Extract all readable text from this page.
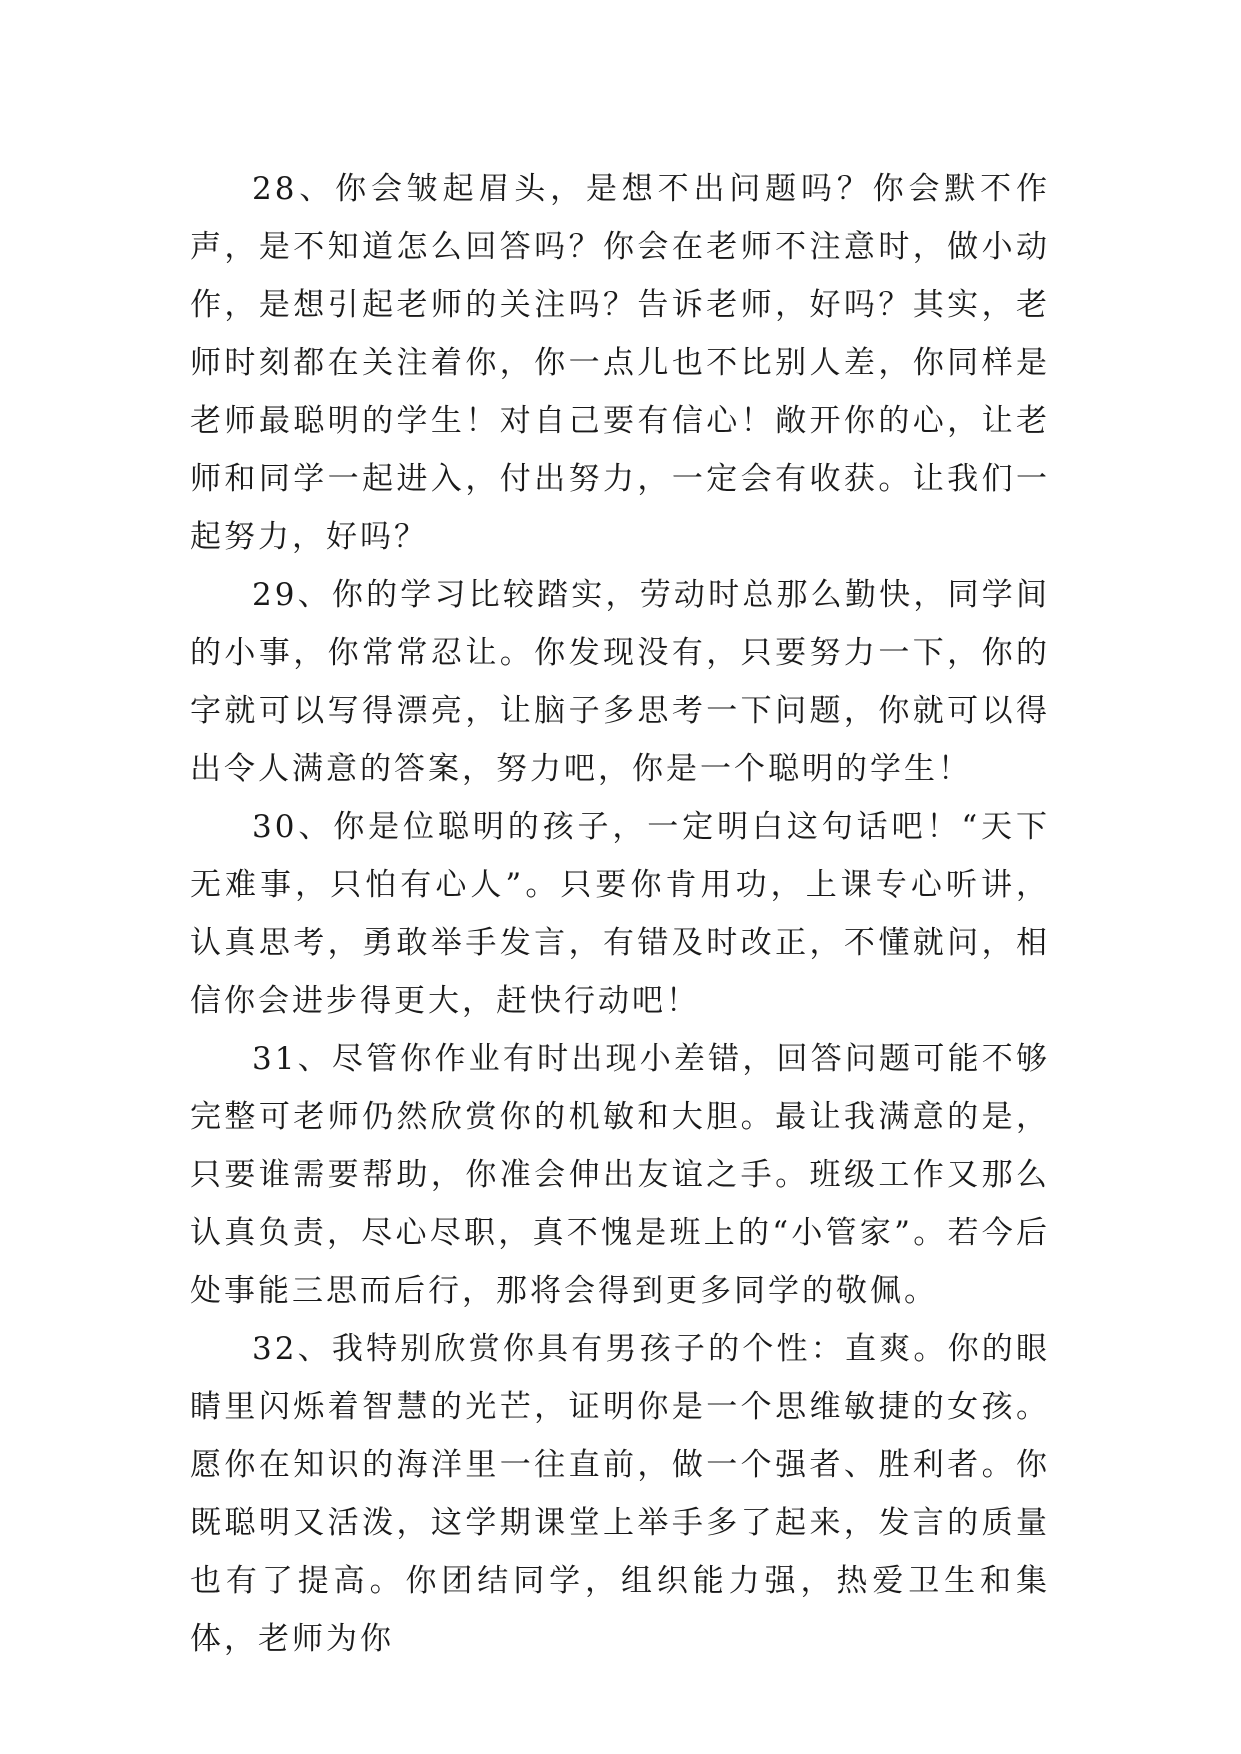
28、你会皱起眉头，是想不出问题吗？你会默不作声，是不知道怎么回答吗？你会在老师不注意时，做小动作，是想引起老师的关注吗？告诉老师，好吗？其实，老师时刻都在关注着你，你一点儿也不比别人差，你同样是老师最聪明的学生！对自己要有信心！敞开你的心，让老师和同学一起进入，付出努力，一定会有收获。让我们一起努力，好吗？

29、你的学习比较踏实，劳动时总那么勤快，同学间的小事，你常常忍让。你发现没有，只要努力一下，你的字就可以写得漂亮，让脑子多思考一下问题，你就可以得出令人满意的答案，努力吧，你是一个聪明的学生！

30、你是位聪明的孩子，一定明白这句话吧！“天下无难事，只怕有心人”。只要你肯用功，上课专心听讲，认真思考，勇敢举手发言，有错及时改正，不懂就问，相信你会进步得更大，赶快行动吧！

31、尽管你作业有时出现小差错，回答问题可能不够完整可老师仍然欣赏你的机敏和大胆。最让我满意的是，只要谁需要帮助，你准会伸出友谊之手。班级工作又那么认真负责，尽心尽职，真不愧是班上的“小管家”。若今后处事能三思而后行，那将会得到更多同学的敬佩。

32、我特别欣赏你具有男孩子的个性：直爽。你的眼睛里闪烁着智慧的光芒，证明你是一个思维敏捷的女孩。愿你在知识的海洋里一往直前，做一个强者、胜利者。你既聪明又活泼，这学期课堂上举手多了起来，发言的质量也有了提高。你团结同学，组织能力强，热爱卫生和集体，老师为你
